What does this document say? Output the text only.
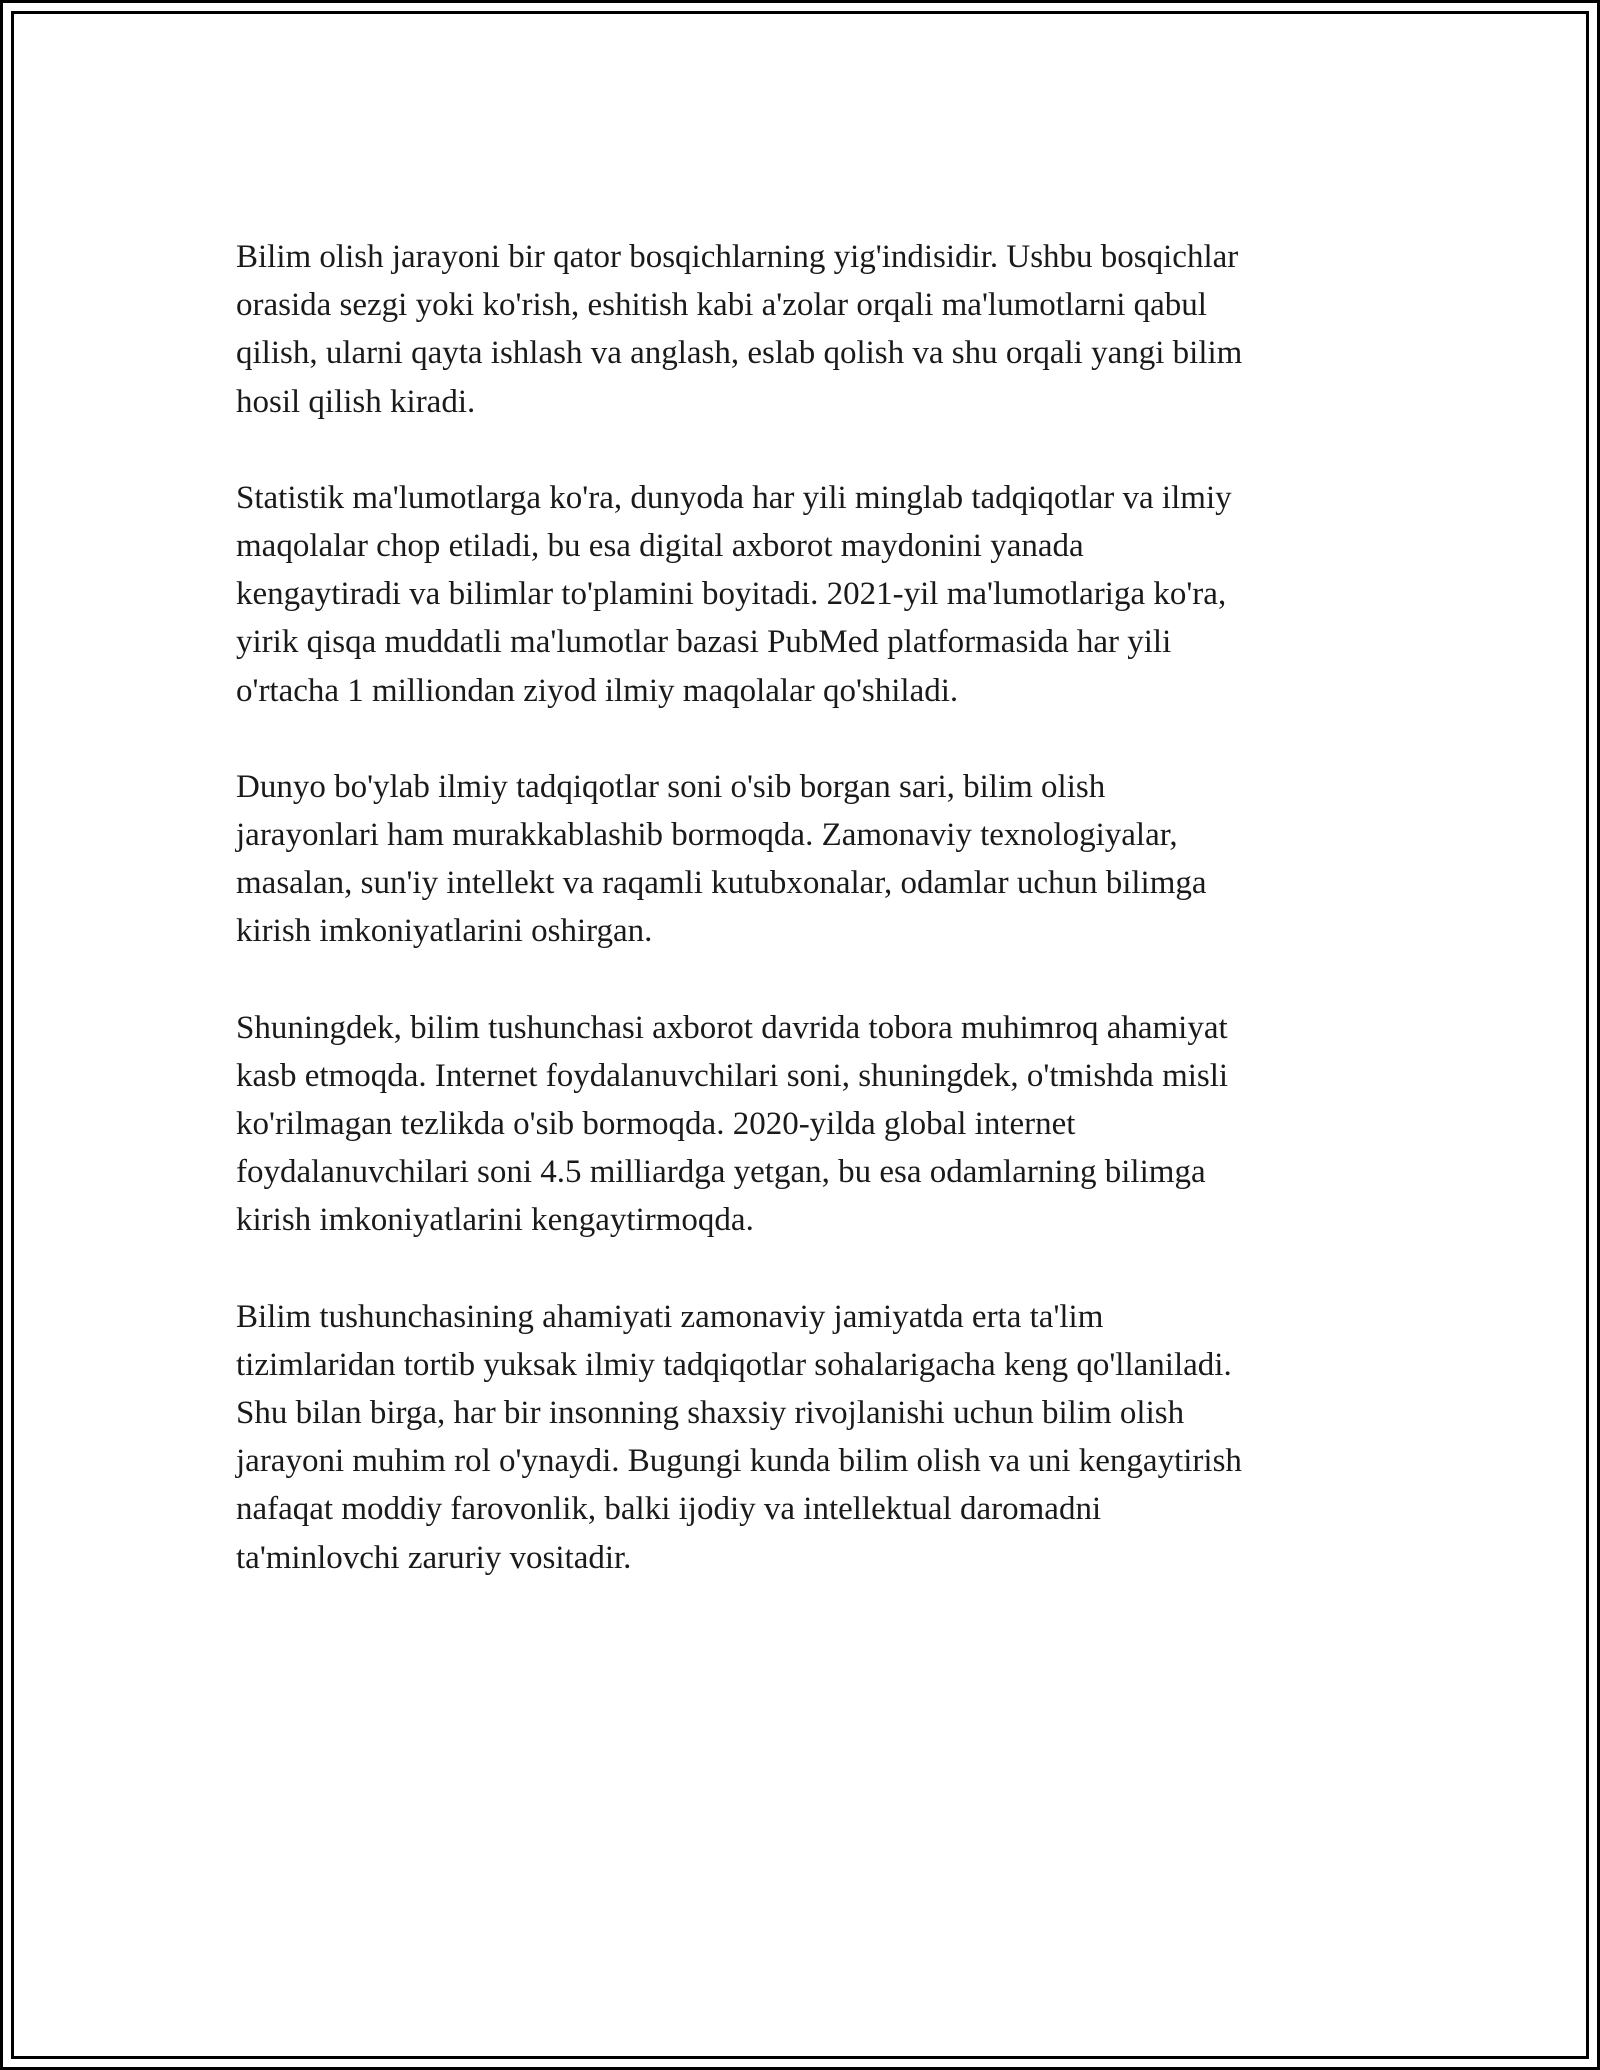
Bilim olish jarayoni bir qator bosqichlarning yig'indisidir. Ushbu bosqichlar
orasida sezgi yoki ko'rish, eshitish kabi a'zolar orqali ma'lumotlarni qabul
qilish, ularni qayta ishlash va anglash, eslab qolish va shu orqali yangi bilim
hosil qilish kiradi.

Statistik ma'lumotlarga ko'ra, dunyoda har yili minglab tadqiqotlar va ilmiy
maqolalar chop etiladi, bu esa digital axborot maydonini yanada
kengaytiradi va bilimlar to'plamini boyitadi. 2021-yil ma'lumotlariga ko'ra,
yirik qisqa muddatli ma'lumotlar bazasi PubMed platformasida har yili
o'rtacha 1 milliondan ziyod ilmiy maqolalar qo'shiladi.

Dunyo bo'ylab ilmiy tadqiqotlar soni o'sib borgan sari, bilim olish
jarayonlari ham murakkablashib bormoqda. Zamonaviy texnologiyalar,
masalan, sun'iy intellekt va raqamli kutubxonalar, odamlar uchun bilimga
kirish imkoniyatlarini oshirgan.

Shuningdek, bilim tushunchasi axborot davrida tobora muhimroq ahamiyat
kasb etmoqda. Internet foydalanuvchilari soni, shuningdek, o'tmishda misli
ko'rilmagan tezlikda o'sib bormoqda. 2020-yilda global internet
foydalanuvchilari soni 4.5 milliardga yetgan, bu esa odamlarning bilimga
kirish imkoniyatlarini kengaytirmoqda.

Bilim tushunchasining ahamiyati zamonaviy jamiyatda erta ta'lim
tizimlaridan tortib yuksak ilmiy tadqiqotlar sohalarigacha keng qo'llaniladi.
Shu bilan birga, har bir insonning shaxsiy rivojlanishi uchun bilim olish
jarayoni muhim rol o'ynaydi. Bugungi kunda bilim olish va uni kengaytirish
nafaqat moddiy farovonlik, balki ijodiy va intellektual daromadni
ta'minlovchi zaruriy vositadir.
